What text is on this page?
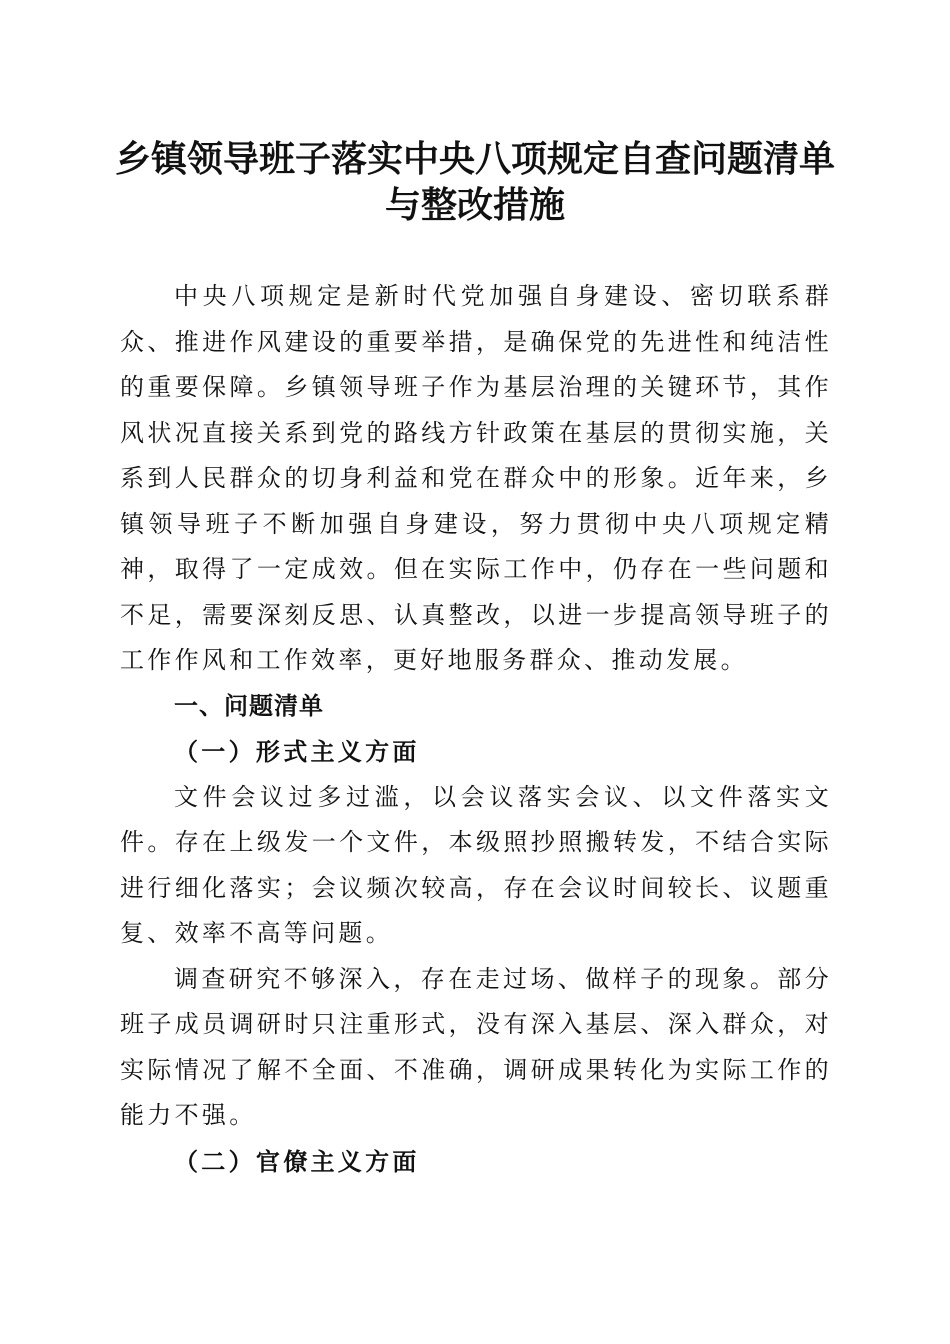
乡镇领导班子落实中央八项规定自查问题清单
与整改措施

中央八项规定是新时代党加强自身建设、密切联系群众、推进作风建设的重要举措，是确保党的先进性和纯洁性的重要保障。乡镇领导班子作为基层治理的关键环节，其作风状况直接关系到党的路线方针政策在基层的贯彻实施，关系到人民群众的切身利益和党在群众中的形象。近年来，乡镇领导班子不断加强自身建设，努力贯彻中央八项规定精神，取得了一定成效。但在实际工作中，仍存在一些问题和不足，需要深刻反思、认真整改，以进一步提高领导班子的工作作风和工作效率，更好地服务群众、推动发展。

一、问题清单

（一）形式主义方面

文件会议过多过滥，以会议落实会议、以文件落实文件。存在上级发一个文件，本级照抄照搬转发，不结合实际进行细化落实；会议频次较高，存在会议时间较长、议题重复、效率不高等问题。

调查研究不够深入，存在走过场、做样子的现象。部分班子成员调研时只注重形式，没有深入基层、深入群众，对实际情况了解不全面、不准确，调研成果转化为实际工作的能力不强。

（二）官僚主义方面
